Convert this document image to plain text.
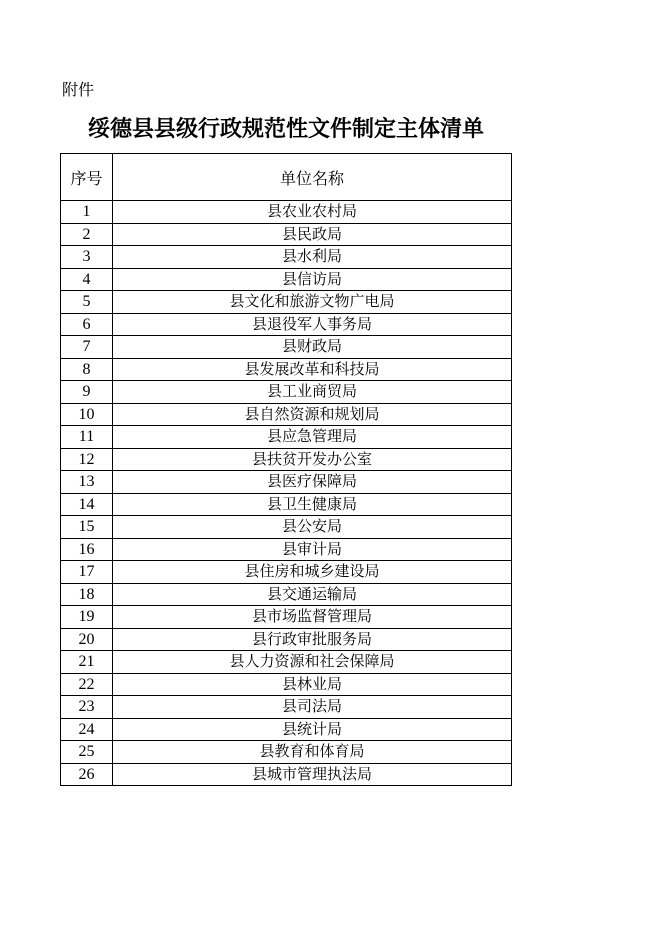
附件
绥德县县级行政规范性文件制定主体清单
序号	单位名称
1	县农业农村局
2	县民政局
3	县水利局
4	县信访局
5	县文化和旅游文物广电局
6	县退役军人事务局
7	县财政局
8	县发展改革和科技局
9	县工业商贸局
10	县自然资源和规划局
11	县应急管理局
12	县扶贫开发办公室
13	县医疗保障局
14	县卫生健康局
15	县公安局
16	县审计局
17	县住房和城乡建设局
18	县交通运输局
19	县市场监督管理局
20	县行政审批服务局
21	县人力资源和社会保障局
22	县林业局
23	县司法局
24	县统计局
25	县教育和体育局
26	县城市管理执法局
